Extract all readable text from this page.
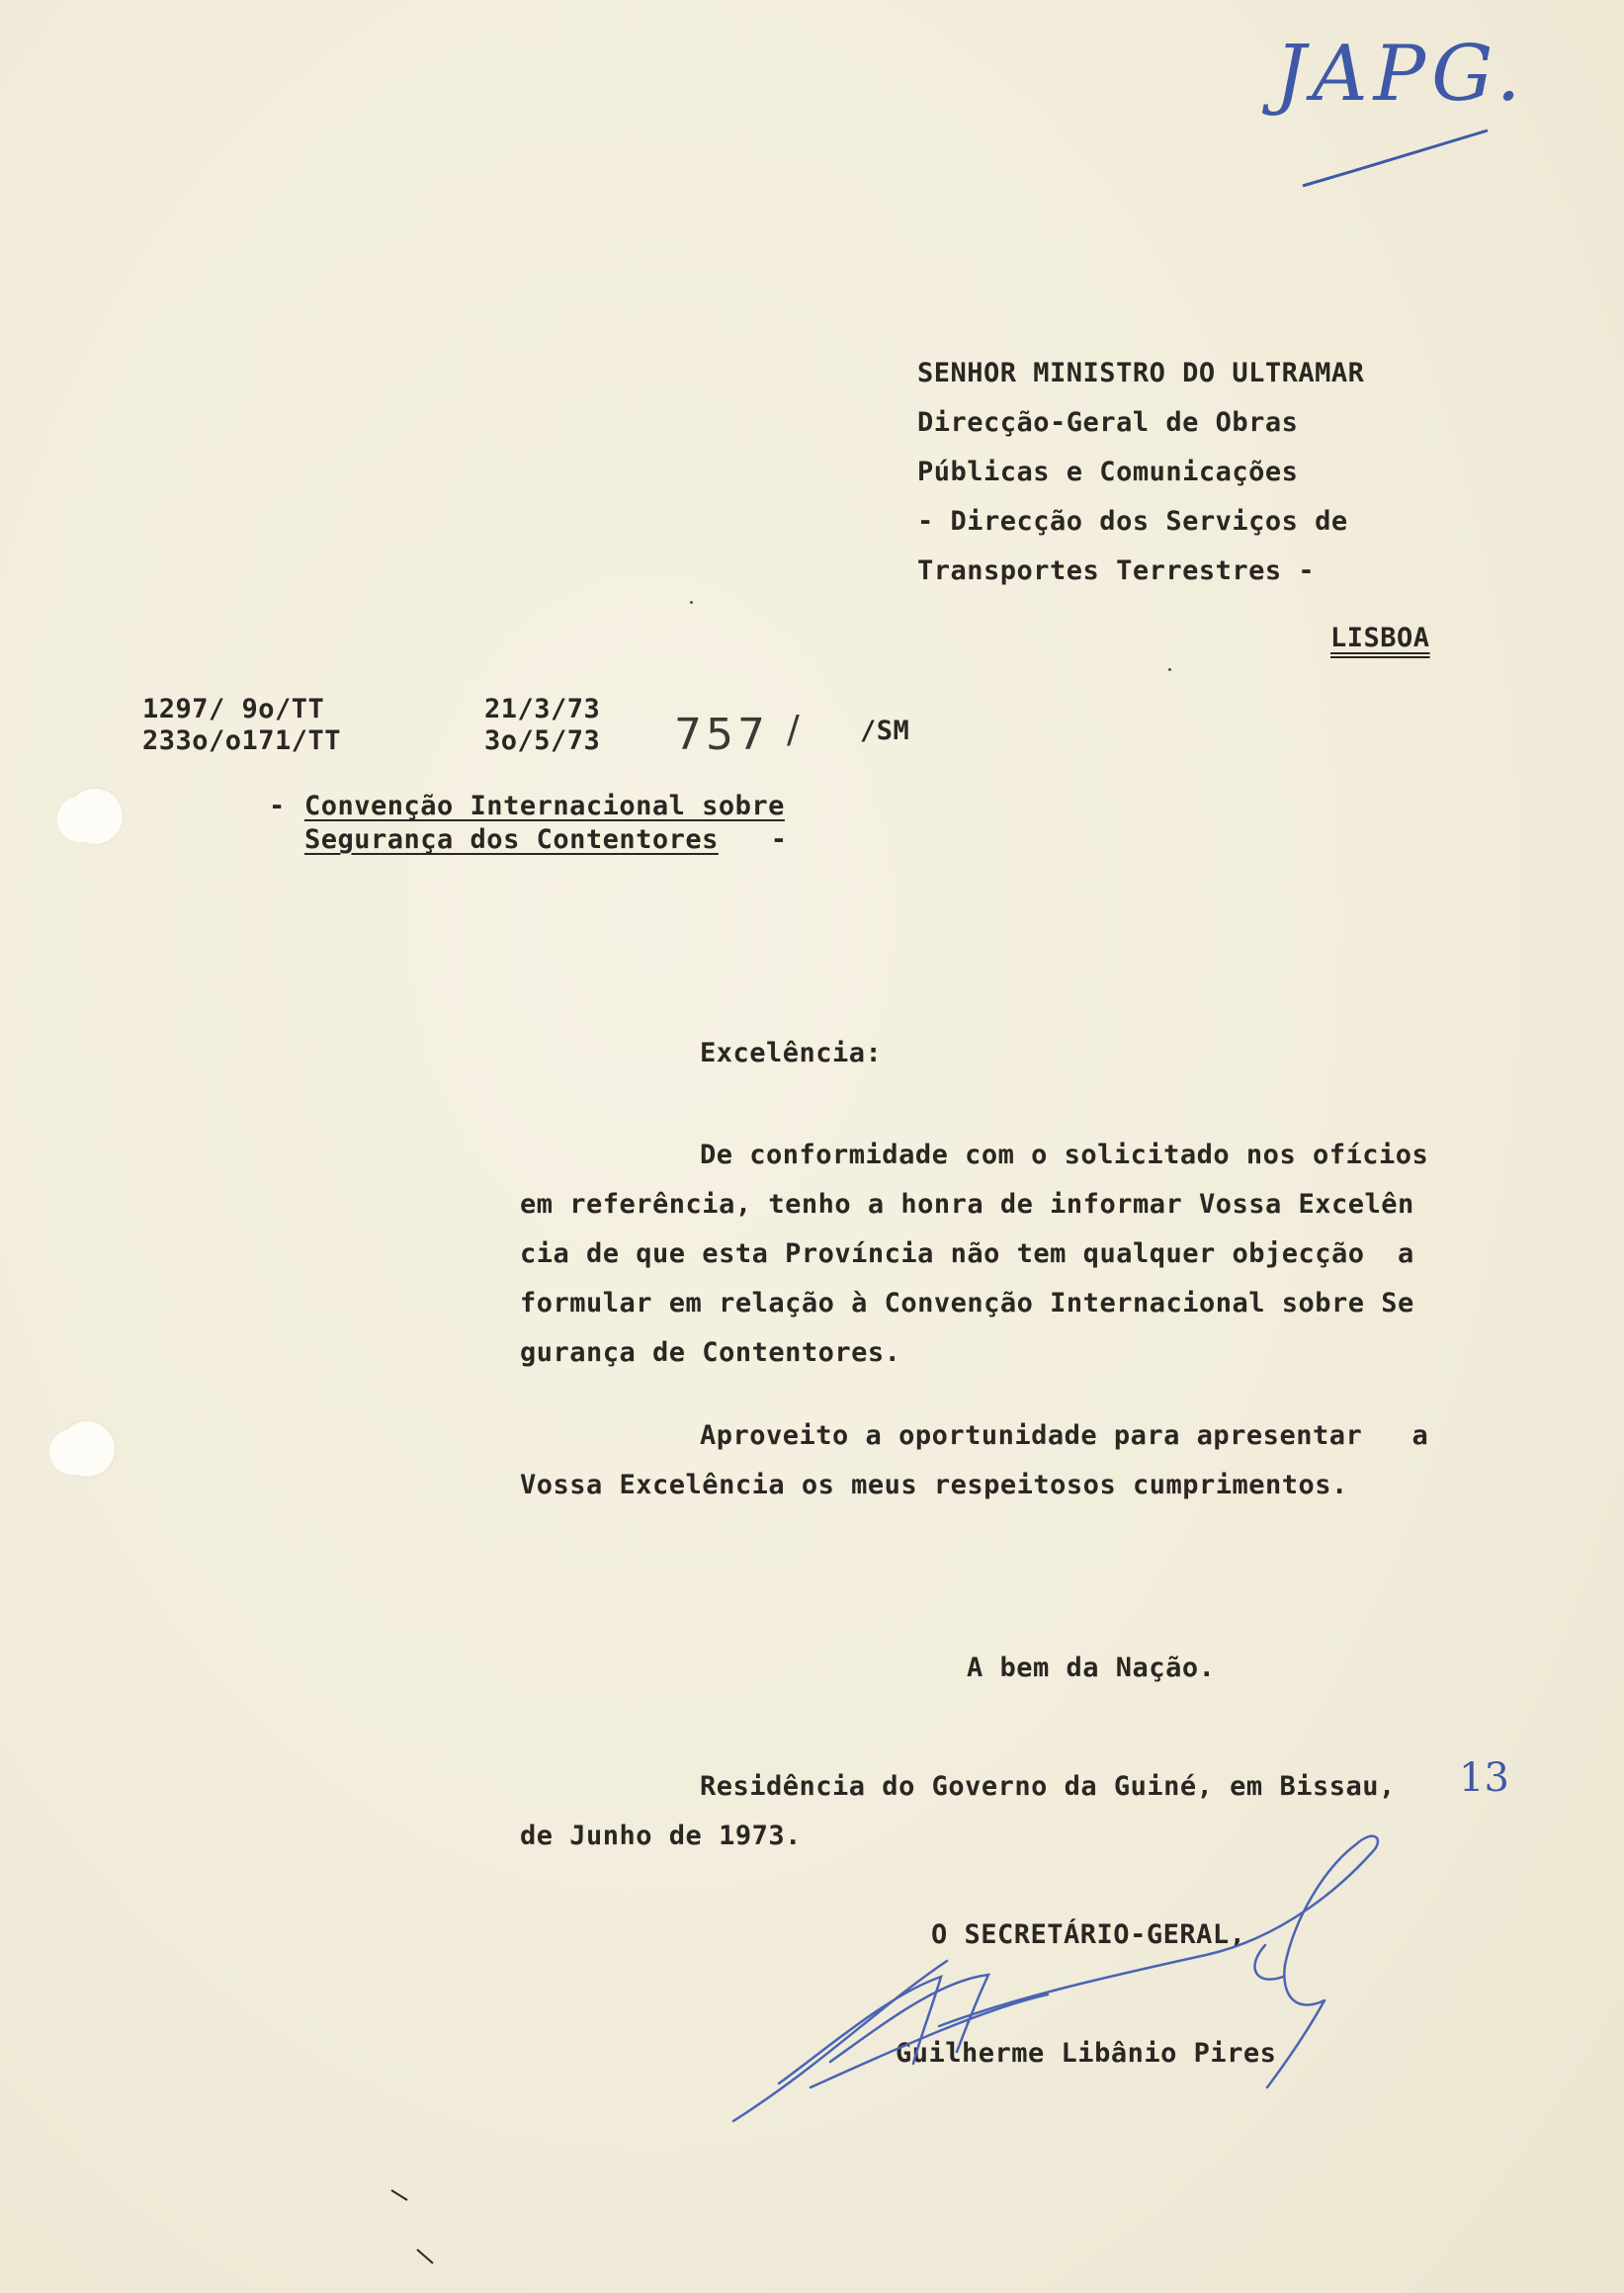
JAPG.
SENHOR MINISTRO DO ULTRAMAR
Direcção-Geral de Obras
Públicas e Comunicações
- Direcção dos Serviços de
Transportes Terrestres -
LISBOA
1297/ 9o/TT
233o/o171/TT
21/3/73
3o/5/73 757 / /SM
- Convenção Internacional sobre
Segurança dos Contentores -
Excelência:
De conformidade com o solicitado nos ofícios
em referência, tenho a honra de informar Vossa Excelên
cia de que esta Província não tem qualquer objecção  a
formular em relação à Convenção Internacional sobre Se
gurança de Contentores.
Aproveito a oportunidade para apresentar   a
Vossa Excelência os meus respeitosos cumprimentos.
A bem da Nação.
Residência do Governo da Guiné, em Bissau, 13
de Junho de 1973.
O SECRETÁRIO-GERAL,
Guilherme Libânio Pires
